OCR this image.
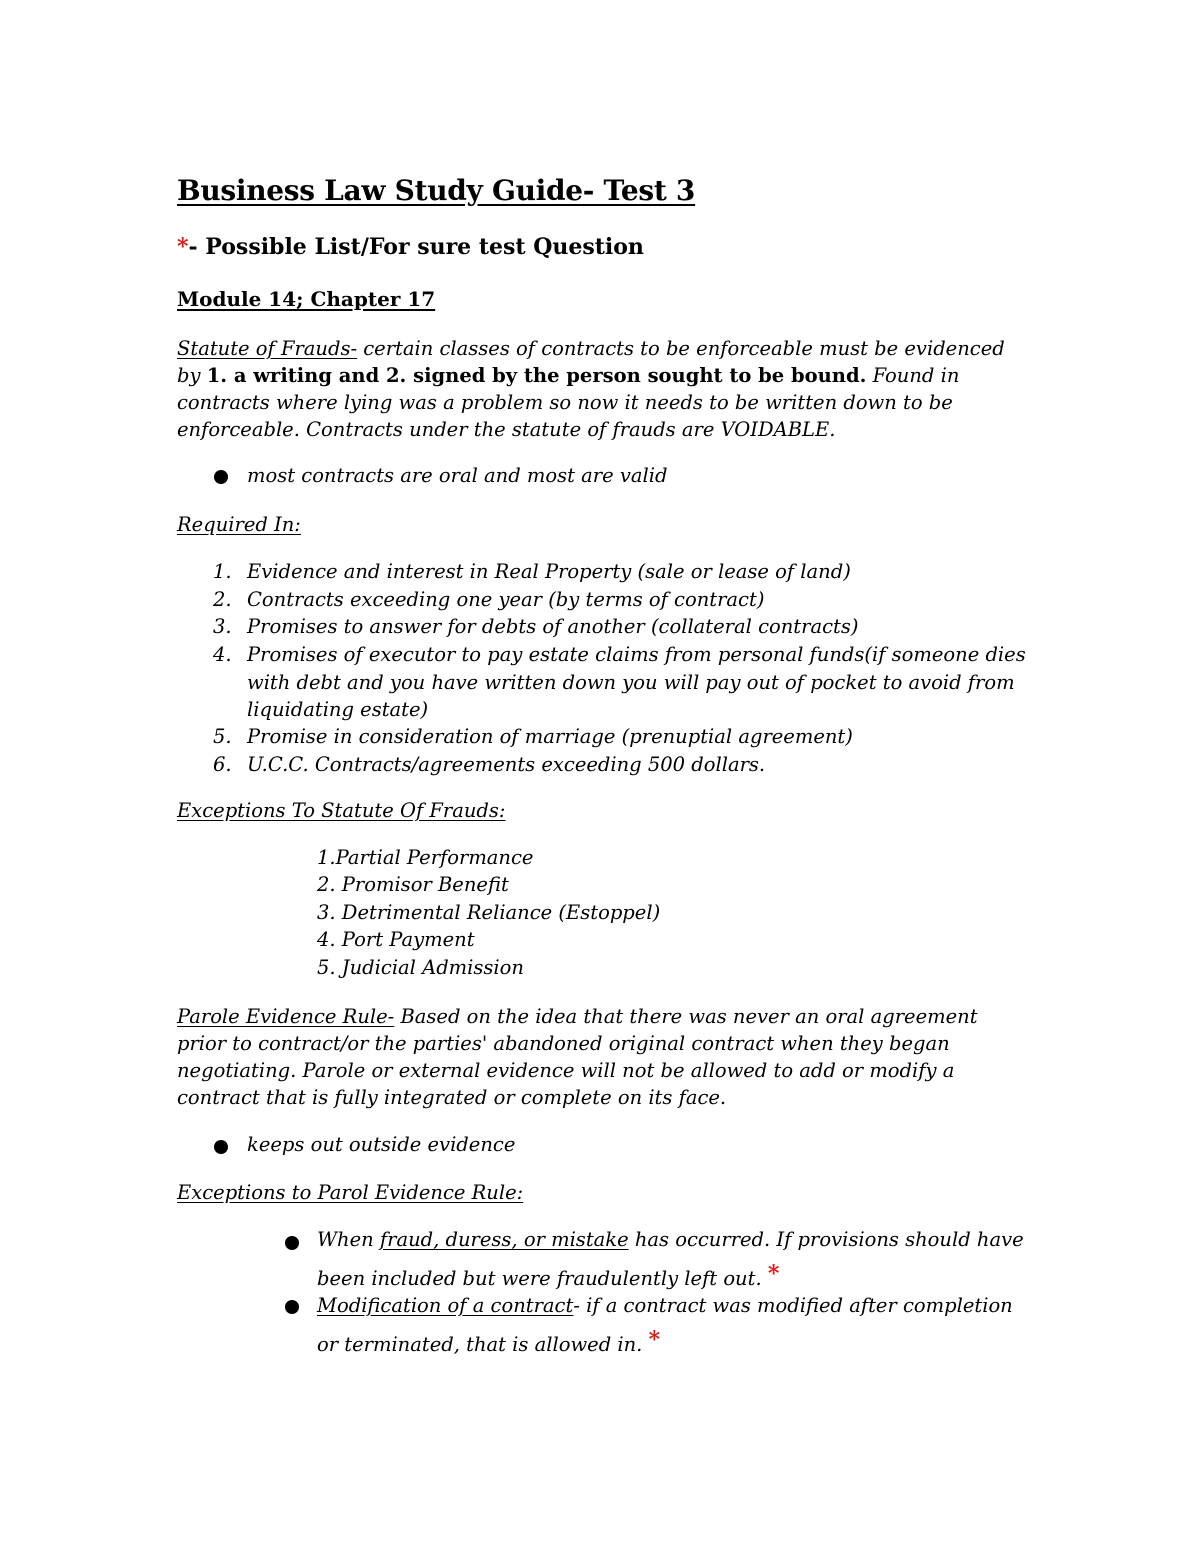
Business Law Study Guide- Test 3
*- Possible List/For sure test Question
Module 14; Chapter 17
Statute of Frauds- certain classes of contracts to be enforceable must be evidenced by 1. a writing and 2. signed by the person sought to be bound. Found in contracts where lying was a problem so now it needs to be written down to be enforceable. Contracts under the statute of frauds are VOIDABLE.
most contracts are oral and most are valid
Required In:
1. Evidence and interest in Real Property (sale or lease of land)
2. Contracts exceeding one year (by terms of contract)
3. Promises to answer for debts of another (collateral contracts)
4. Promises of executor to pay estate claims from personal funds(if someone dies with debt and you have written down you will pay out of pocket to avoid from liquidating estate)
5. Promise in consideration of marriage (prenuptial agreement)
6. U.C.C. Contracts/agreements exceeding 500 dollars.
Exceptions To Statute Of Frauds:
1.Partial Performance
2. Promisor Benefit
3. Detrimental Reliance (Estoppel)
4. Port Payment
5. Judicial Admission
Parole Evidence Rule- Based on the idea that there was never an oral agreement prior to contract/or the parties' abandoned original contract when they began negotiating. Parole or external evidence will not be allowed to add or modify a contract that is fully integrated or complete on its face.
keeps out outside evidence
Exceptions to Parol Evidence Rule:
When fraud, duress, or mistake has occurred. If provisions should have been included but were fraudulently left out. *
Modification of a contract- if a contract was modified after completion or terminated, that is allowed in. *
